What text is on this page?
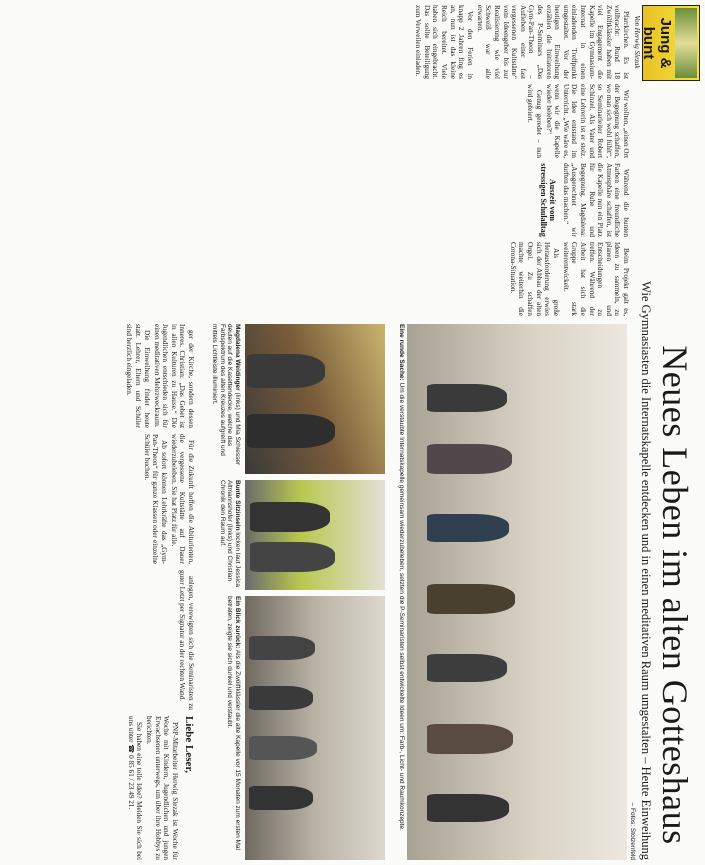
Neues Leben im alten Gotteshaus
Wie Gymnasiasten die Internatskapelle entdecken und in einen meditativen Raum umgestalten – Heute Einweihung
– Fotos: Stolzenfeld
Jung & bunt
Von Herwig Slezak

Pfarrkirchen. Es ist vollbracht: Rund 18 Zwölftklässler haben mit viel Engagement die Kapelle im Gymnasium-Internat in einen einladenden Treffpunkt umgestaltet. Vor der heutigen Einweihung erzählen die Initiatoren des P-Seminars „Das Gym-Pan-Theon – Aufleben einer fast vergessenen Kultstätte“ vom Ideengeber bis zur Realisierung wie viel Schweiß war alle erwarten.

Vor den Ferien in knapp 2 Jahren fing es an, nun ist das kleine Reich bereitet. Viele haben sich eingebracht. Das sollte Beteiligung zum Verweilen einladen.

Wir wollten, „einen Ort der Begegnung schaffen, wo man sich wohl fühlt“, so Seminarleiter Robert Schinzel. Als Vater und eine Lehrerin ist er stolz. Die Idee entstand im Unterricht. „Wie wäre es, wenn wir die Kapelle wieder beleben?“

Genug geredet – nun wird gefeiert.

Während die bunten Farben eine freundliche Atmosphäre schaffen, ist die Kapelle nun ein Platz für Ruhe und Begegnung. Magdalena: „Ausgerechnet wir durften das machen.“

Auszeit vom stressigen Schulalltag

Beim Projekt galt es, Ideen zu sammeln, zu planen und Entscheidungen zu treffen. Während der Arbeit hat sich die Gruppe stark weiterentwickelt.

Als große Herausforderung erwies sich der Abbau der alten Orgel. Zu schaffen machte weiterhin die Corona-Situation.

Eine runde Sache: Um die verstaubte Internatskapelle gemeinsam wiederzubeleben, setzten die P-Seminaristen selbst entwickelte Ideen um: Farb-, Licht- und Raumkonzepte.
Magdalena Weidinger (links) und Mia Schiesser deuten auf die Kasettendecke, welche das Farbspektrum des alten Kreuzes aufgreift und mittels Lichtleiste illuminiert.
Bunte Sitzinseln locken laut Jessica Altmannshofer (links) und Christian Chronik den Raum auf.
Ein Blick zurück: Als die Zwölftklässler die alte Kapelle vor 15 Monaten zum ersten Mal betraten, zeigte sie sich dunkel und verstaubt.

ger der Kirche, sondern dessen Inneres. Christian: „Das Gebet ist in allen Kulturen zu Hause.“ Die Jugendlichen entschieden sich für einen meditativen Mehrzweckraum.

Die Einweihung findet heute statt. Lehrer, Eltern und Schüler sind herzlich eingeladen.

Für die Zukunft hoffen die Abiturienten, die vergessene Kultstätte auf Dauer wiederzubeleben. Sie hat Platz für alle.

Ab sofort können Lehrkräfte das „Gym-Pan-Theon“ für ganze Klassen oder einzelne Schüler buchen.

anlegen, verewigten sich die Seminaristen zu guter Letzt per Signatur an der rechten Wand.

Liebe Leser,

PNP-Mitarbeiter Herwig Slezak ist Woche für Woche mit Kindern, Jugendlichen und jungen Erwachsenen unterwegs, um über ihre Hobbys zu berichten.

Sie haben eine tolle Idee? Melden Sie sich bei uns unter ☎ 0 85 61 / 23 49 21.
